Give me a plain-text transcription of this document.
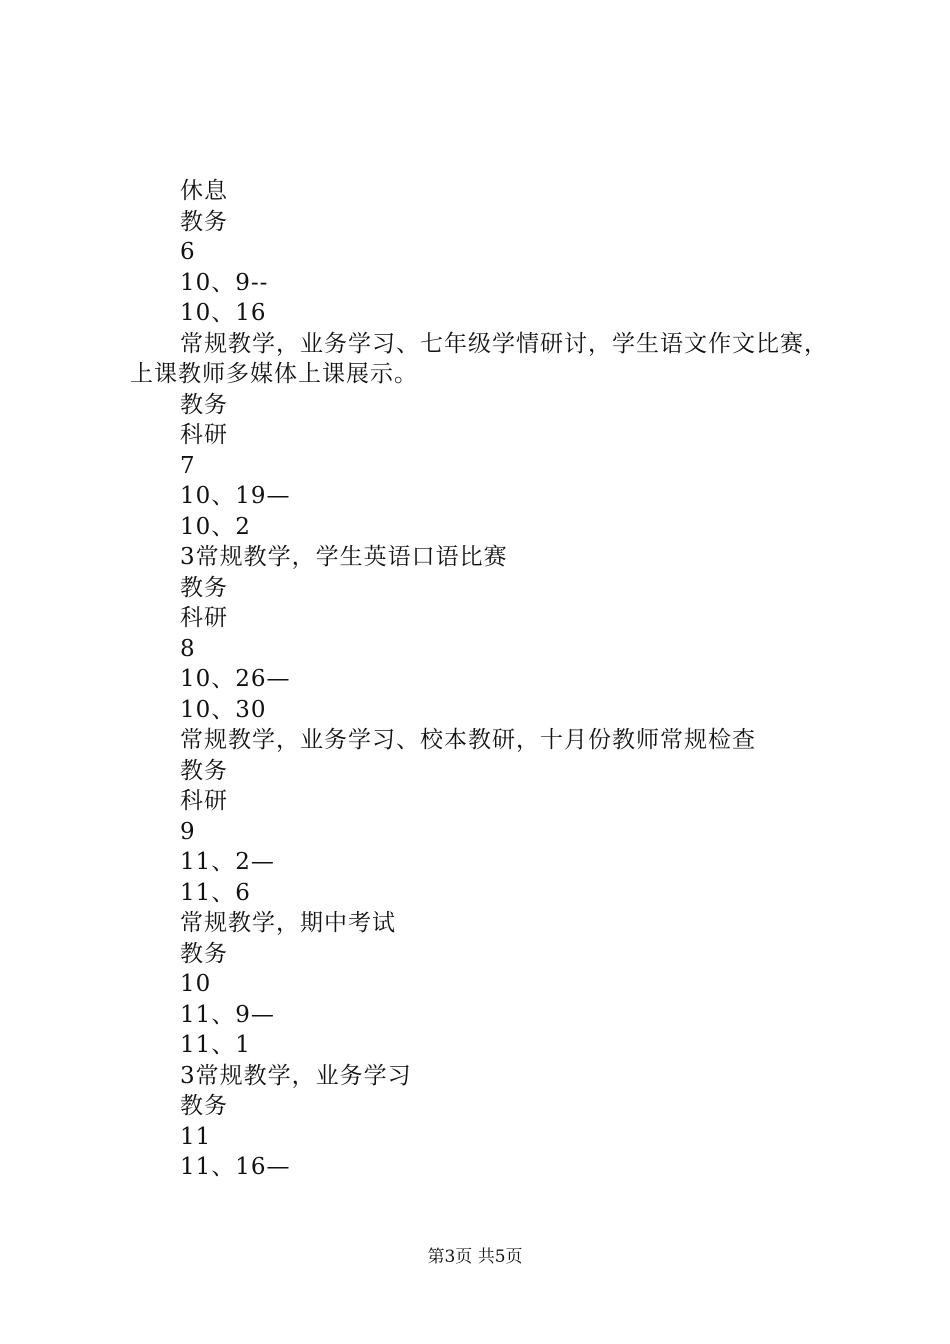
休息
教务
6
10、9--
10、16
常规教学，业务学习、七年级学情研讨，学生语文作文比赛，上课教师多媒体上课展示。
教务
科研
7
10、19—
10、2
3常规教学，学生英语口语比赛
教务
科研
8
10、26—
10、30
常规教学，业务学习、校本教研，十月份教师常规检查
教务
科研
9
11、2—
11、6
常规教学，期中考试
教务
10
11、9—
11、1
3常规教学，业务学习
教务
11
11、16—
第3页 共5页
